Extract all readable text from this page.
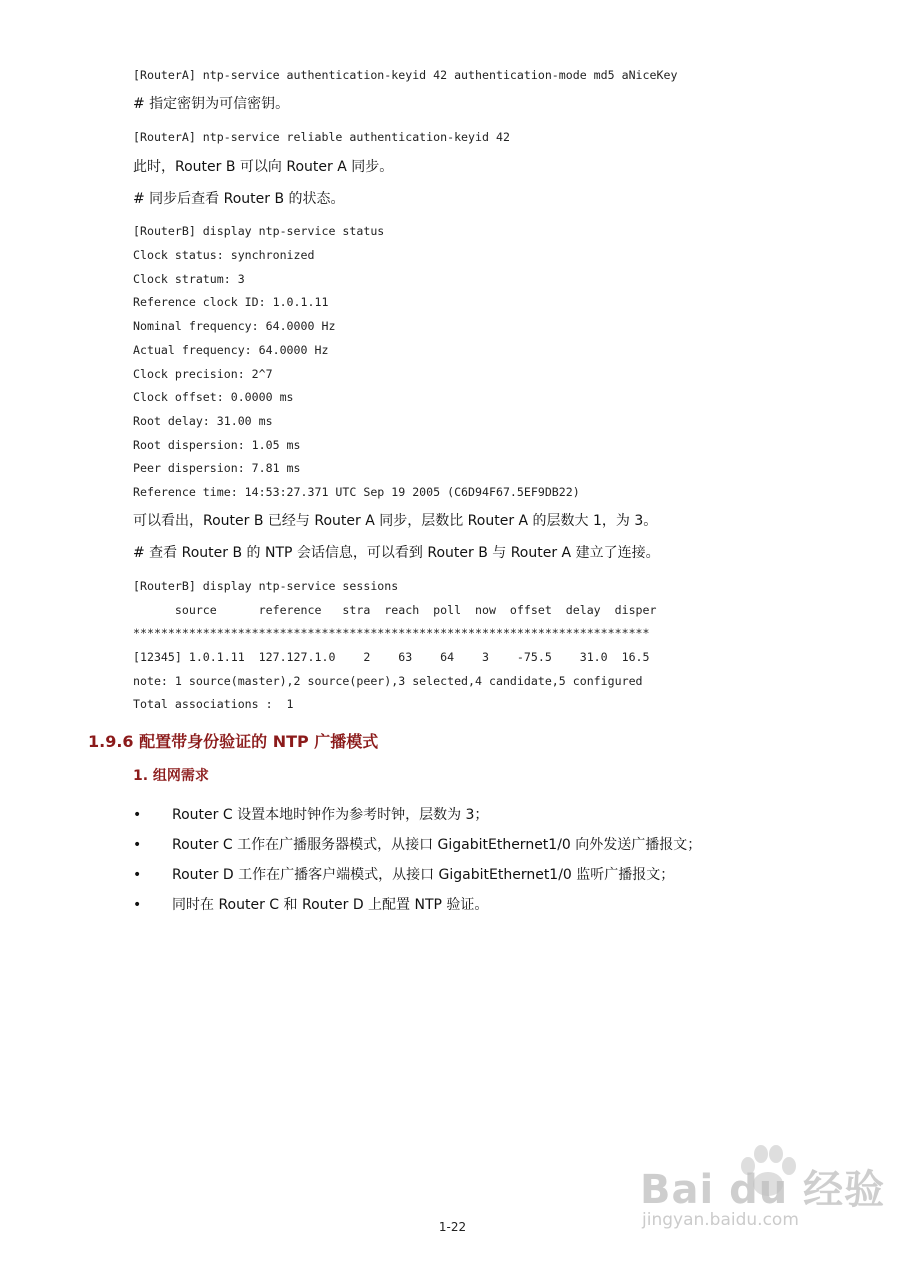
[RouterA] ntp-service authentication-keyid 42 authentication-mode md5 aNiceKey

# 指定密钥为可信密钥。

[RouterA] ntp-service reliable authentication-keyid 42

此时，Router B 可以向 Router A 同步。

# 同步后查看 Router B 的状态。

[RouterB] display ntp-service status
Clock status: synchronized
Clock stratum: 3
Reference clock ID: 1.0.1.11
Nominal frequency: 64.0000 Hz
Actual frequency: 64.0000 Hz
Clock precision: 2^7
Clock offset: 0.0000 ms
Root delay: 31.00 ms
Root dispersion: 1.05 ms
Peer dispersion: 7.81 ms
Reference time: 14:53:27.371 UTC Sep 19 2005 (C6D94F67.5EF9DB22)

可以看出，Router B 已经与 Router A 同步，层数比 Router A 的层数大 1，为 3。

# 查看 Router B 的 NTP 会话信息，可以看到 Router B 与 Router A 建立了连接。

[RouterB] display ntp-service sessions
source      reference   stra  reach  poll  now  offset  delay  disper
**************************************************************************
[12345] 1.0.1.11  127.127.1.0    2    63    64    3    -75.5    31.0  16.5
note: 1 source(master),2 source(peer),3 selected,4 candidate,5 configured
Total associations :  1
1.9.6 配置带身份验证的 NTP 广播模式
1. 组网需求
• Router C 设置本地时钟作为参考时钟，层数为 3；
• Router C 工作在广播服务器模式，从接口 GigabitEthernet1/0 向外发送广播报文；
• Router D 工作在广播客户端模式，从接口 GigabitEthernet1/0 监听广播报文；
• 同时在 Router C 和 Router D 上配置 NTP 验证。
Bai du 经验
jingyan.baidu.com
1-22
